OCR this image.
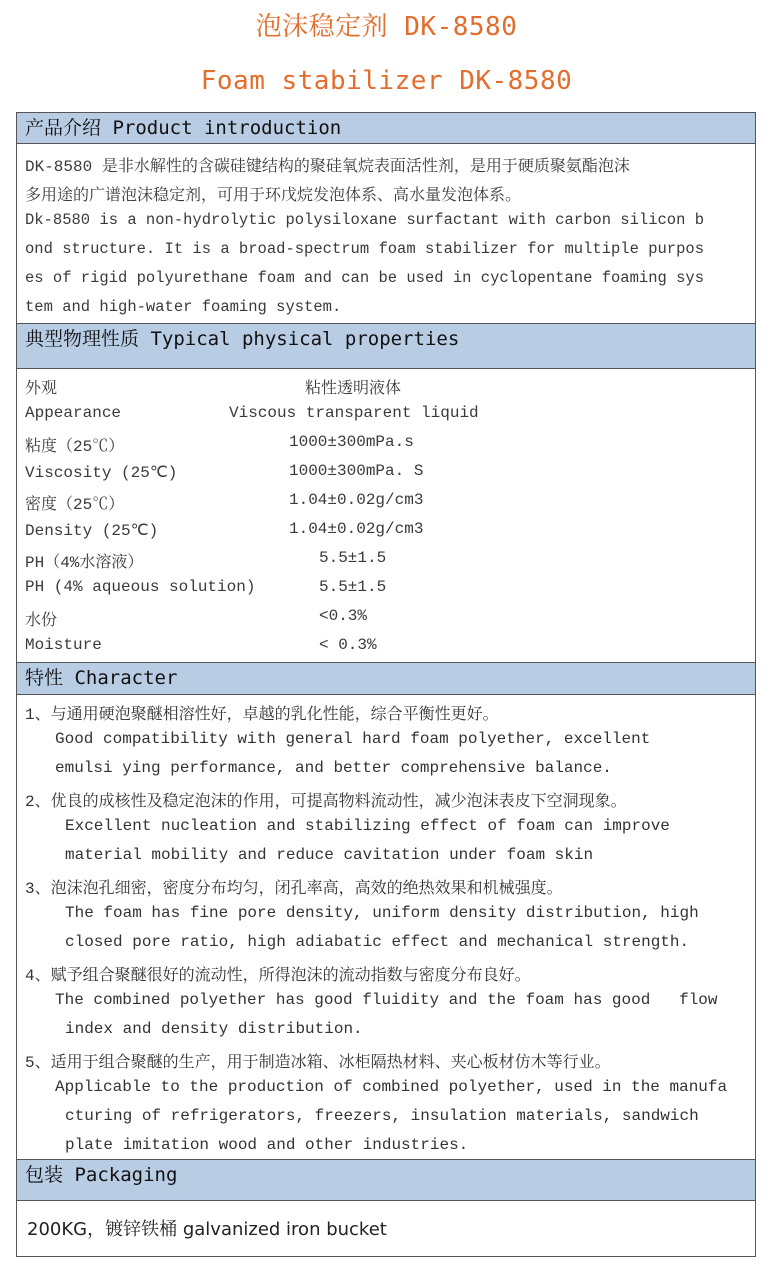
泡沫稳定剂 DK-8580
Foam stabilizer DK-8580
产品介绍 Product introduction
DK-8580 是非水解性的含碳硅键结构的聚硅氧烷表面活性剂，是用于硬质聚氨酯泡沫
多用途的广谱泡沫稳定剂，可用于环戊烷发泡体系、高水量发泡体系。
Dk-8580 is a non-hydrolytic polysiloxane surfactant with carbon silicon b
ond structure. It is a broad-spectrum foam stabilizer for multiple purpos
es of rigid polyurethane foam and can be used in cyclopentane foaming sys
tem and high-water foaming system.
典型物理性质 Typical physical properties
外观	粘性透明液体
Appearance	Viscous transparent liquid
粘度（25℃）	1000±300mPa.s
Viscosity (25℃)	1000±300mPa. S
密度（25℃）	1.04±0.02g/cm3
Density (25℃)	1.04±0.02g/cm3
PH（4%水溶液）	5.5±1.5
PH (4% aqueous solution)	5.5±1.5
水份	<0.3%
Moisture	< 0.3%
特性 Character
1、与通用硬泡聚醚相溶性好，卓越的乳化性能，综合平衡性更好。
Good compatibility with general hard foam polyether, excellent
emulsi ying performance, and better comprehensive balance.
2、优良的成核性及稳定泡沫的作用，可提高物料流动性，减少泡沫表皮下空洞现象。
Excellent nucleation and stabilizing effect of foam can improve
material mobility and reduce cavitation under foam skin
3、泡沫泡孔细密，密度分布均匀，闭孔率高，高效的绝热效果和机械强度。
The foam has fine pore density, uniform density distribution, high
closed pore ratio, high adiabatic effect and mechanical strength.
4、赋予组合聚醚很好的流动性，所得泡沫的流动指数与密度分布良好。
The combined polyether has good fluidity and the foam has good   flow
index and density distribution.
5、适用于组合聚醚的生产，用于制造冰箱、冰柜隔热材料、夹心板材仿木等行业。
Applicable to the production of combined polyether, used in the manufa
cturing of refrigerators, freezers, insulation materials, sandwich
plate imitation wood and other industries.
包装 Packaging
200KG，镀锌铁桶 galvanized iron bucket
